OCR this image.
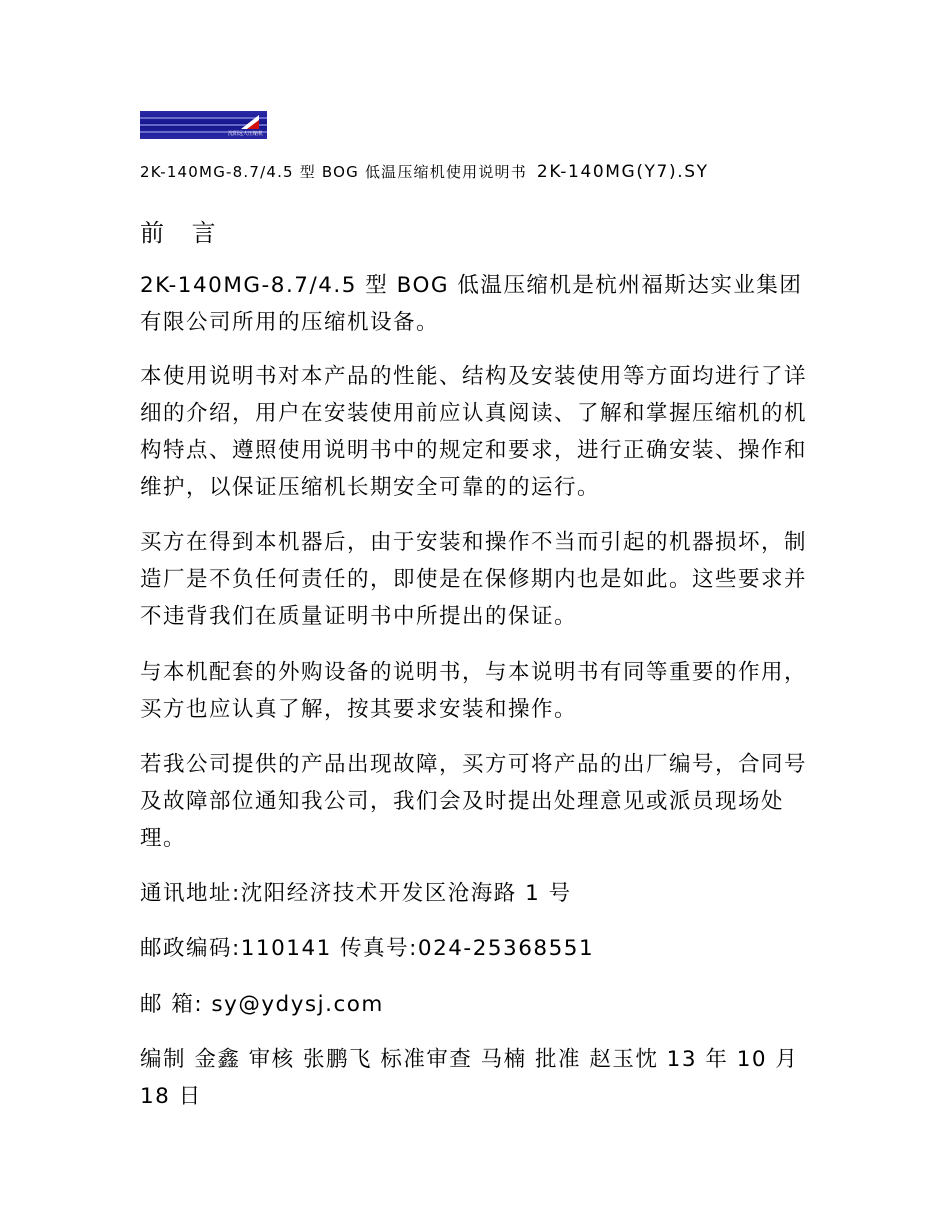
沈阳远大压缩机
2K-140MG-8.7/4.5 型 BOG 低温压缩机使用说明书 2K-140MG(Y7).SY
前 言

2K-140MG-8.7/4.5 型 BOG 低温压缩机是杭州福斯达实业集团有限公司所用的压缩机设备。

本使用说明书对本产品的性能、结构及安装使用等方面均进行了详细的介绍，用户在安装使用前应认真阅读、了解和掌握压缩机的机构特点、遵照使用说明书中的规定和要求，进行正确安装、操作和维护，以保证压缩机长期安全可靠的的运行。

买方在得到本机器后，由于安装和操作不当而引起的机器损坏，制造厂是不负任何责任的，即使是在保修期内也是如此。这些要求并不违背我们在质量证明书中所提出的保证。

与本机配套的外购设备的说明书，与本说明书有同等重要的作用，买方也应认真了解，按其要求安装和操作。

若我公司提供的产品出现故障，买方可将产品的出厂编号，合同号及故障部位通知我公司，我们会及时提出处理意见或派员现场处理。

通讯地址:沈阳经济技术开发区沧海路 1 号

邮政编码:110141 传真号:024-25368551

邮 箱: sy@ydysj.com

编制 金鑫 审核 张鹏飞 标准审查 马楠 批准 赵玉忱 13 年 10 月 18 日
